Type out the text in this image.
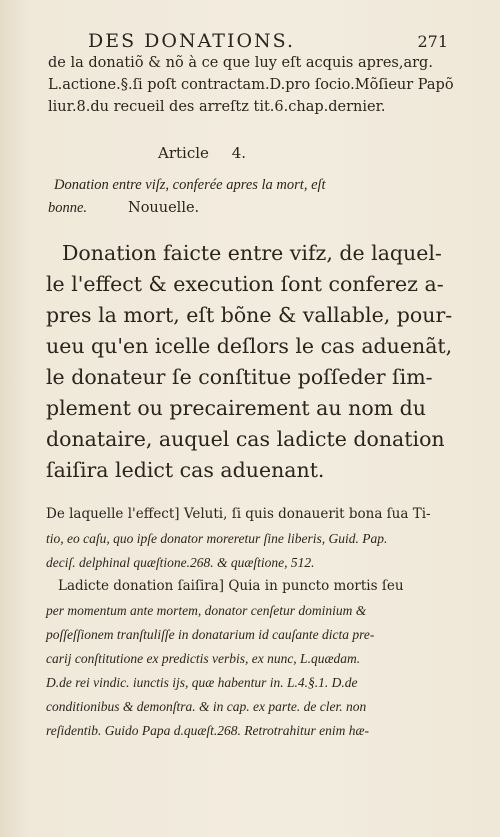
DES DONATIONS.	271
de la donatiõ & nõ à ce que luy eſt acquis apres,arg.
L.actione.§.ſi poſt contractam.D.pro ſocio.Mõſieur Papõ
liur.8.du recueil des arreſtz tit.6.chap.dernier.
Article 4.
Donation entre viſz, conferée apres la mort, eſt
bonne.	Nouuelle.
Donation faicte entre vifz, de laquel-
le l'effect & execution ſont conferez a-
pres la mort, eſt bõne & vallable, pour-
ueu qu'en icelle deſlors le cas aduenãt,
le donateur ſe conſtitue poſſeder ſim-
plement ou precairement au nom du
donataire, auquel cas ladicte donation
ſaiſira ledict cas aduenant.
De laquelle l'effect] Veluti, ſi quis donauerit bona ſua Ti-
tio, eo caſu, quo ipſe donator moreretur ſine liberis, Guid. Pap.
deciſ. delphinal quæſtione.268. & quæſtione, 512.
Ladicte donation ſaiſira] Quia in puncto mortis ſeu
per momentum ante mortem, donator cenſetur dominium &
poſſeſſionem tranſtuliſſe in donatarium id cauſante dicta pre-
carij conſtitutione ex predictis verbis, ex nunc, L.quædam.
D.de rei vindic. iunctis ijs, quæ habentur in. L.4.§.1. D.de
conditionibus & demonſtra. & in cap. ex parte. de cler. non
reſidentib. Guido Papa d.quæſt.268. Retrotrahitur enim hæ-
